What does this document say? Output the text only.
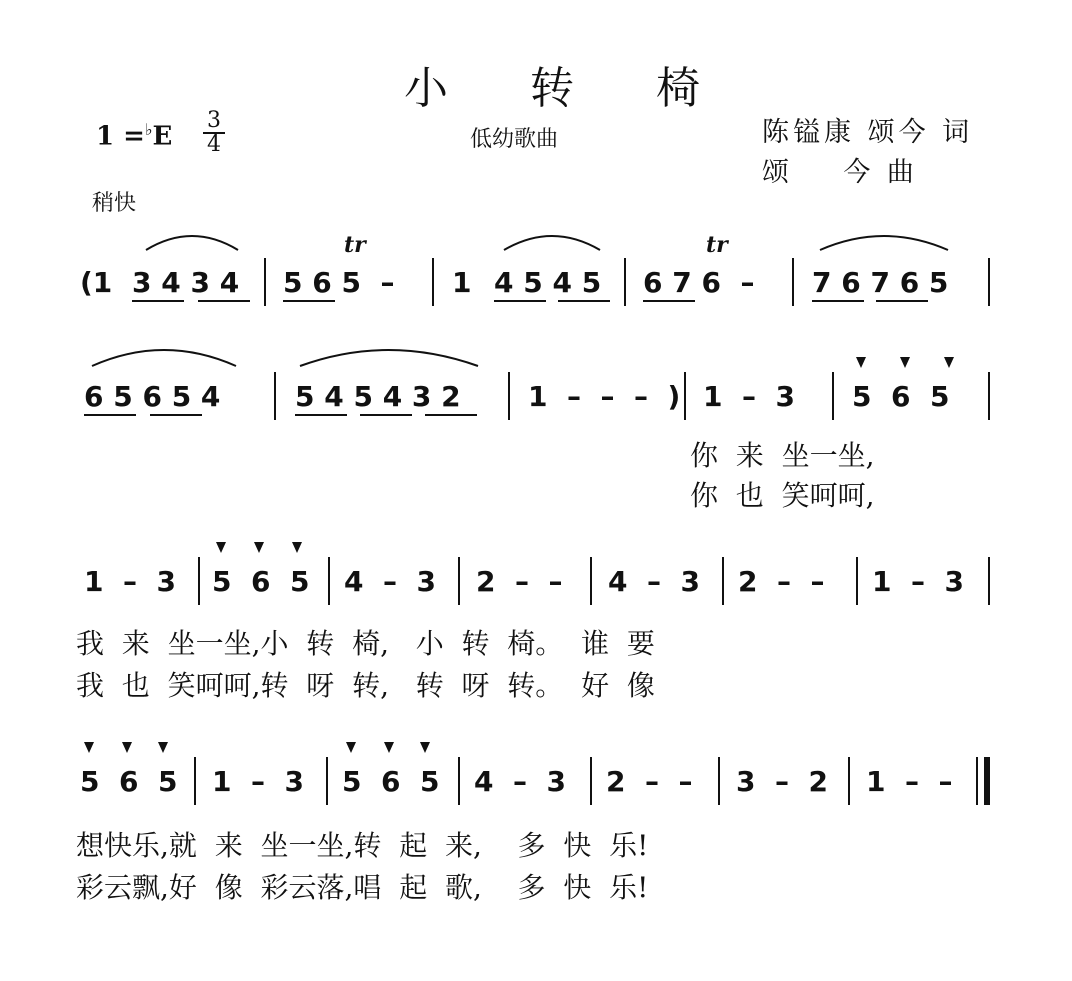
小 转 椅
1 =♭E
3
4
稍快
低幼歌曲	陈镒康 颂今 词
颂    今 曲
(1 3 4 3 4 5 6 5  – 1 4 5 4 5 6 7 6  – 7 6 7 6 5
tr	tr
6 5 6 5 4	5 4 5 4 3 2 1  –  –  –  ) 1  –  3 5  6  5
你  来  坐一坐,
你  也  笑呵呵,
1  –  3 5  6  5 4  –  3 2  –  – 4  –  3 2  –  – 1  –  3
我  来  坐一坐,小  转  椅,   小  转  椅。  谁  要
我  也  笑呵呵,转  呀  转,   转  呀  转。  好  像
5  6  5 1  –  3 5  6  5 4  –  3 2  –  – 3  –  2 1  –  –
想快乐,就  来  坐一坐,转  起  来,    多  快  乐!
彩云飘,好  像  彩云落,唱  起  歌,    多  快  乐!
